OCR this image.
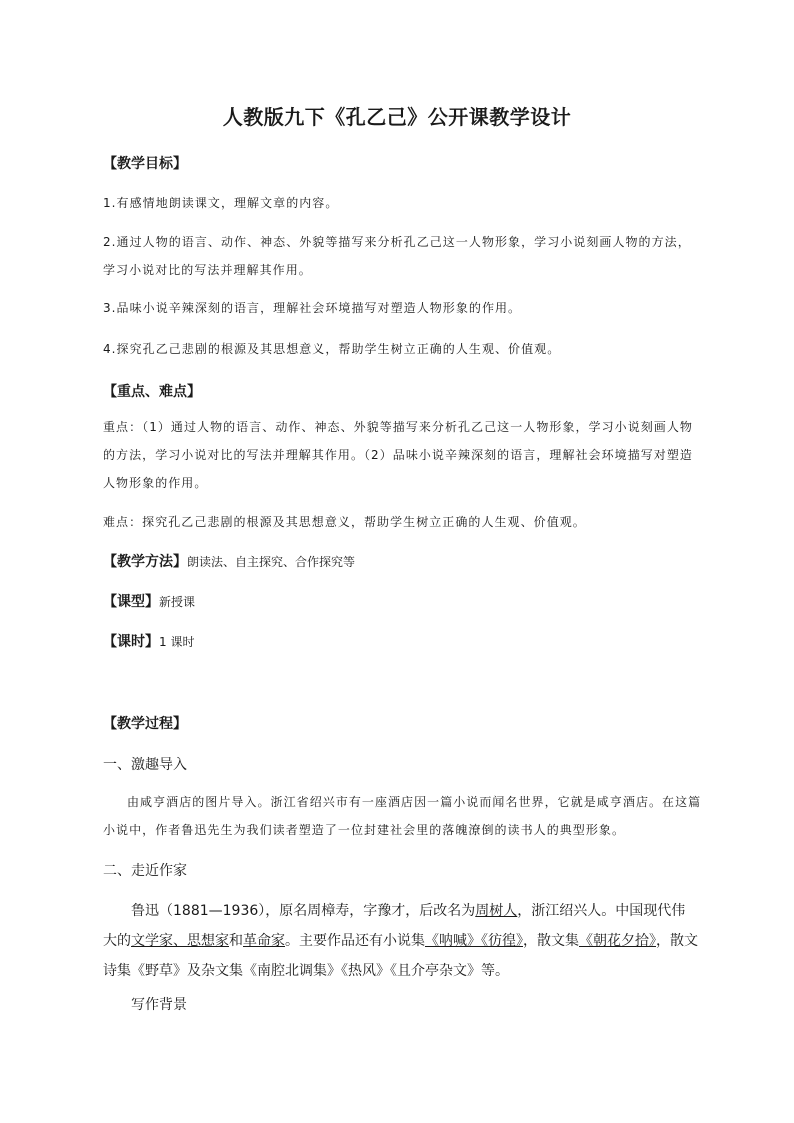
人教版九下《孔乙己》公开课教学设计
【教学目标】
1.有感情地朗读课文，理解文章的内容。
2.通过人物的语言、动作、神态、外貌等描写来分析孔乙己这一人物形象，学习小说刻画人物的方法，学习小说对比的写法并理解其作用。
3.品味小说辛辣深刻的语言，理解社会环境描写对塑造人物形象的作用。
4.探究孔乙己悲剧的根源及其思想意义，帮助学生树立正确的人生观、价值观。
【重点、难点】
重点：（1）通过人物的语言、动作、神态、外貌等描写来分析孔乙己这一人物形象，学习小说刻画人物的方法，学习小说对比的写法并理解其作用。（2）品味小说辛辣深刻的语言，理解社会环境描写对塑造人物形象的作用。
难点：探究孔乙己悲剧的根源及其思想意义，帮助学生树立正确的人生观、价值观。
【教学方法】朗读法、自主探究、合作探究等
【课型】新授课
【课时】1 课时
【教学过程】
一、激趣导入
由咸亨酒店的图片导入。浙江省绍兴市有一座酒店因一篇小说而闻名世界，它就是咸亨酒店。在这篇小说中，作者鲁迅先生为我们读者塑造了一位封建社会里的落魄潦倒的读书人的典型形象。
二、走近作家
鲁迅（1881—1936），原名周樟寿，字豫才，后改名为周树人，浙江绍兴人。中国现代伟大的文学家、思想家和革命家。主要作品还有小说集《呐喊》《彷徨》，散文集《朝花夕拾》，散文诗集《野草》及杂文集《南腔北调集》《热风》《且介亭杂文》等。
写作背景
